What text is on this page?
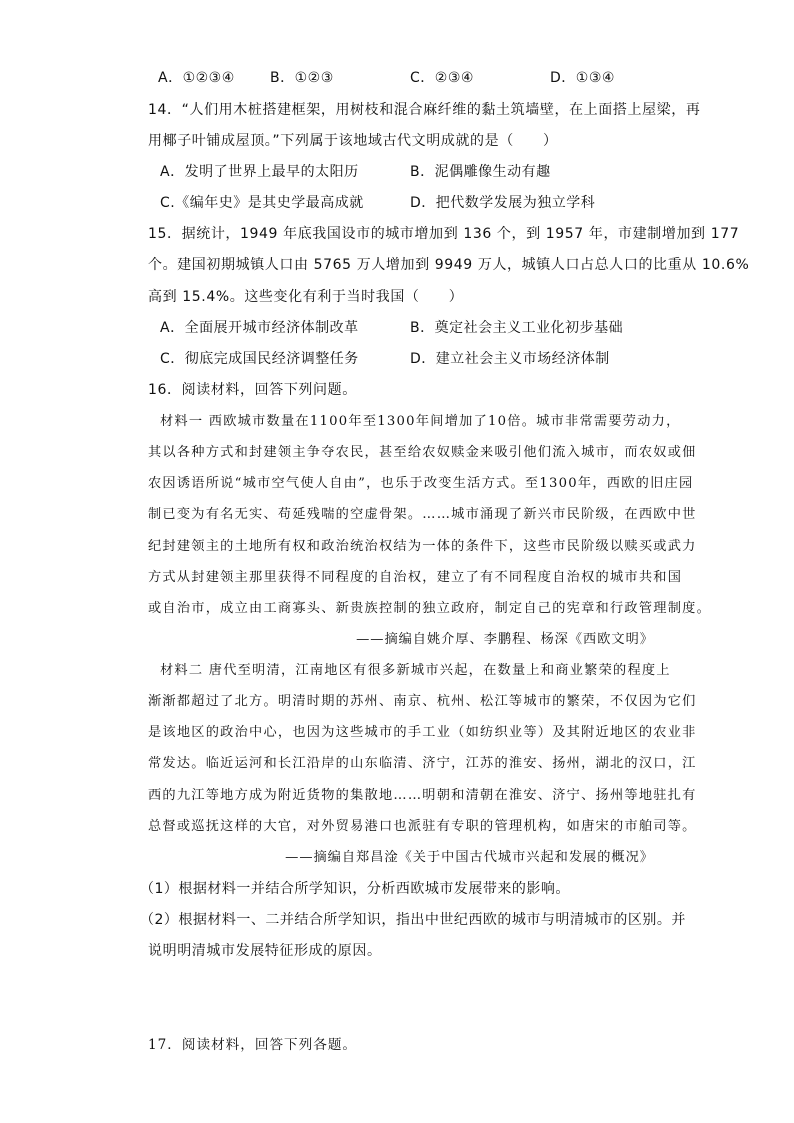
A．①②③④	B．①②③	C．②③④	D．①③④
14．“人们用木桩搭建框架，用树枝和混合麻纤维的黏土筑墙壁，在上面搭上屋梁，再
用椰子叶铺成屋顶。”下列属于该地域古代文明成就的是（　　）
A．发明了世界上最早的太阳历	B．泥偶雕像生动有趣
C.《编年史》是其史学最高成就	D．把代数学发展为独立学科
15．据统计，1949 年底我国设市的城市增加到 136 个，到 1957 年，市建制增加到 177
个。建国初期城镇人口由 5765 万人增加到 9949 万人，城镇人口占总人口的比重从 10.6%
高到 15.4%。这些变化有利于当时我国（　　）
A．全面展开城市经济体制改革	B．奠定社会主义工业化初步基础
C．彻底完成国民经济调整任务	D．建立社会主义市场经济体制
16．阅读材料，回答下列问题。
材料一 西欧城市数量在1100年至1300年间增加了10倍。城市非常需要劳动力，
其以各种方式和封建领主争夺农民，甚至给农奴赎金来吸引他们流入城市，而农奴或佃
农因诱语所说“城市空气使人自由”，也乐于改变生活方式。至1300年，西欧的旧庄园
制已变为有名无实、苟延残喘的空虚骨架。……城市涌现了新兴市民阶级，在西欧中世
纪封建领主的土地所有权和政治统治权结为一体的条件下，这些市民阶级以赎买或武力
方式从封建领主那里获得不同程度的自治权，建立了有不同程度自治权的城市共和国
或自治市，成立由工商寡头、新贵族控制的独立政府，制定自己的宪章和行政管理制度。
——摘编自姚介厚、李鹏程、杨深《西欧文明》
材料二 唐代至明清，江南地区有很多新城市兴起，在数量上和商业繁荣的程度上
渐渐都超过了北方。明清时期的苏州、南京、杭州、松江等城市的繁荣，不仅因为它们
是该地区的政治中心，也因为这些城市的手工业（如纺织业等）及其附近地区的农业非
常发达。临近运河和长江沿岸的山东临清、济宁，江苏的淮安、扬州，湖北的汉口，江
西的九江等地方成为附近货物的集散地……明朝和清朝在淮安、济宁、扬州等地驻扎有
总督或巡抚这样的大官，对外贸易港口也派驻有专职的管理机构，如唐宋的市舶司等。
——摘编自郑昌淦《关于中国古代城市兴起和发展的概况》
（1）根据材料一并结合所学知识，分析西欧城市发展带来的影响。
（2）根据材料一、二并结合所学知识，指出中世纪西欧的城市与明清城市的区别。并
说明明清城市发展特征形成的原因。
17．阅读材料，回答下列各题。
